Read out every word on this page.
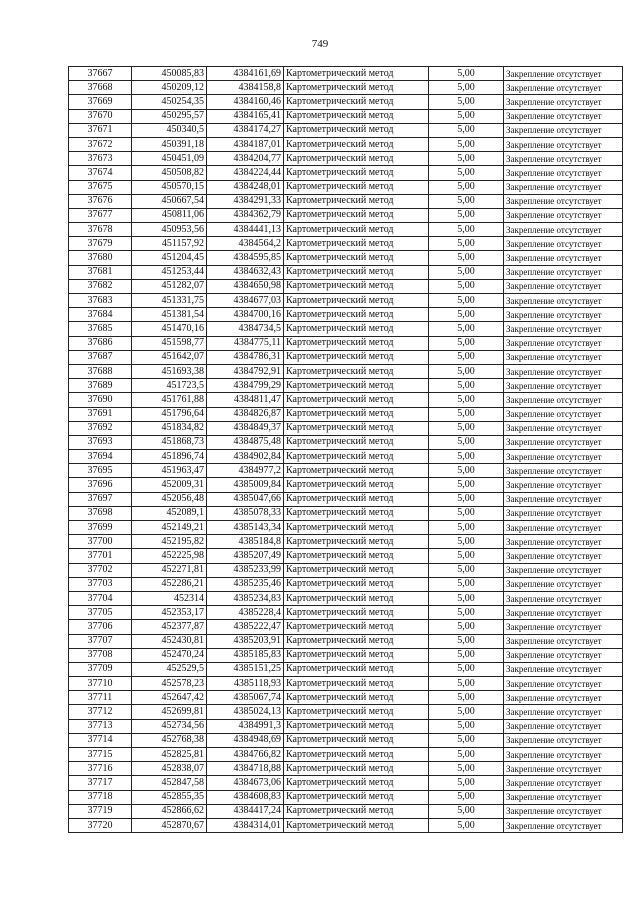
749
37667	450085,83	4384161,69	Картометрический метод	5,00	Закрепление отсутствует
37668	450209,12	4384158,8	Картометрический метод	5,00	Закрепление отсутствует
37669	450254,35	4384160,46	Картометрический метод	5,00	Закрепление отсутствует
37670	450295,57	4384165,41	Картометрический метод	5,00	Закрепление отсутствует
37671	450340,5	4384174,27	Картометрический метод	5,00	Закрепление отсутствует
37672	450391,18	4384187,01	Картометрический метод	5,00	Закрепление отсутствует
37673	450451,09	4384204,77	Картометрический метод	5,00	Закрепление отсутствует
37674	450508,82	4384224,44	Картометрический метод	5,00	Закрепление отсутствует
37675	450570,15	4384248,01	Картометрический метод	5,00	Закрепление отсутствует
37676	450667,54	4384291,33	Картометрический метод	5,00	Закрепление отсутствует
37677	450811,06	4384362,79	Картометрический метод	5,00	Закрепление отсутствует
37678	450953,56	4384441,13	Картометрический метод	5,00	Закрепление отсутствует
37679	451157,92	4384564,2	Картометрический метод	5,00	Закрепление отсутствует
37680	451204,45	4384595,85	Картометрический метод	5,00	Закрепление отсутствует
37681	451253,44	4384632,43	Картометрический метод	5,00	Закрепление отсутствует
37682	451282,07	4384650,98	Картометрический метод	5,00	Закрепление отсутствует
37683	451331,75	4384677,03	Картометрический метод	5,00	Закрепление отсутствует
37684	451381,54	4384700,16	Картометрический метод	5,00	Закрепление отсутствует
37685	451470,16	4384734,5	Картометрический метод	5,00	Закрепление отсутствует
37686	451598,77	4384775,11	Картометрический метод	5,00	Закрепление отсутствует
37687	451642,07	4384786,31	Картометрический метод	5,00	Закрепление отсутствует
37688	451693,38	4384792,91	Картометрический метод	5,00	Закрепление отсутствует
37689	451723,5	4384799,29	Картометрический метод	5,00	Закрепление отсутствует
37690	451761,88	4384811,47	Картометрический метод	5,00	Закрепление отсутствует
37691	451796,64	4384826,87	Картометрический метод	5,00	Закрепление отсутствует
37692	451834,82	4384849,37	Картометрический метод	5,00	Закрепление отсутствует
37693	451868,73	4384875,48	Картометрический метод	5,00	Закрепление отсутствует
37694	451896,74	4384902,84	Картометрический метод	5,00	Закрепление отсутствует
37695	451963,47	4384977,2	Картометрический метод	5,00	Закрепление отсутствует
37696	452009,31	4385009,84	Картометрический метод	5,00	Закрепление отсутствует
37697	452056,48	4385047,66	Картометрический метод	5,00	Закрепление отсутствует
37698	452089,1	4385078,33	Картометрический метод	5,00	Закрепление отсутствует
37699	452149,21	4385143,34	Картометрический метод	5,00	Закрепление отсутствует
37700	452195,82	4385184,8	Картометрический метод	5,00	Закрепление отсутствует
37701	452225,98	4385207,49	Картометрический метод	5,00	Закрепление отсутствует
37702	452271,81	4385233,99	Картометрический метод	5,00	Закрепление отсутствует
37703	452286,21	4385235,46	Картометрический метод	5,00	Закрепление отсутствует
37704	452314	4385234,83	Картометрический метод	5,00	Закрепление отсутствует
37705	452353,17	4385228,4	Картометрический метод	5,00	Закрепление отсутствует
37706	452377,87	4385222,47	Картометрический метод	5,00	Закрепление отсутствует
37707	452430,81	4385203,91	Картометрический метод	5,00	Закрепление отсутствует
37708	452470,24	4385185,83	Картометрический метод	5,00	Закрепление отсутствует
37709	452529,5	4385151,25	Картометрический метод	5,00	Закрепление отсутствует
37710	452578,23	4385118,93	Картометрический метод	5,00	Закрепление отсутствует
37711	452647,42	4385067,74	Картометрический метод	5,00	Закрепление отсутствует
37712	452699,81	4385024,13	Картометрический метод	5,00	Закрепление отсутствует
37713	452734,56	4384991,3	Картометрический метод	5,00	Закрепление отсутствует
37714	452768,38	4384948,69	Картометрический метод	5,00	Закрепление отсутствует
37715	452825,81	4384766,82	Картометрический метод	5,00	Закрепление отсутствует
37716	452838,07	4384718,88	Картометрический метод	5,00	Закрепление отсутствует
37717	452847,58	4384673,06	Картометрический метод	5,00	Закрепление отсутствует
37718	452855,35	4384608,83	Картометрический метод	5,00	Закрепление отсутствует
37719	452866,62	4384417,24	Картометрический метод	5,00	Закрепление отсутствует
37720	452870,67	4384314,01	Картометрический метод	5,00	Закрепление отсутствует
